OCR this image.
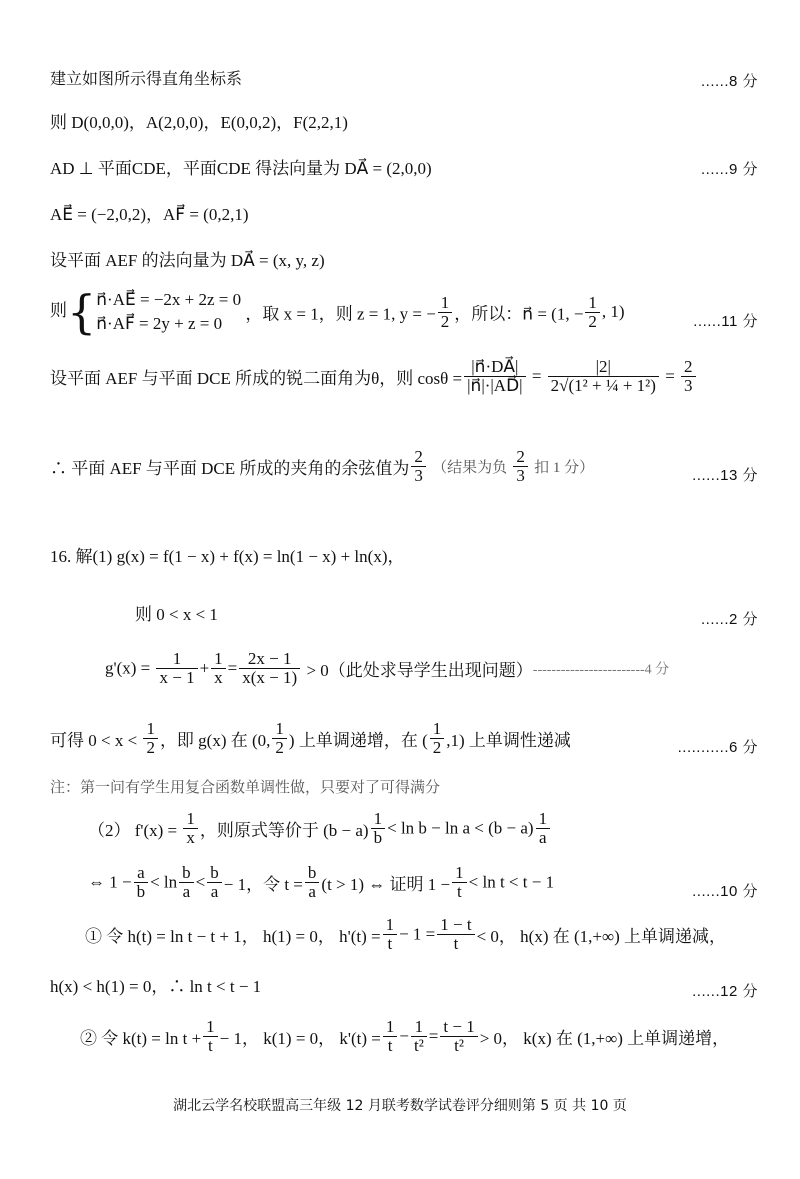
建立如图所示得直角坐标系	......8 分
则 D(0,0,0)，A(2,0,0)，E(0,0,2)，F(2,2,1)
AD ⊥ 平面CDE，平面CDE 得法向量为 DA⃗ = (2,0,0)	......9 分
AE⃗ = (−2,0,2)，AF⃗ = (0,2,1)
设平面 AEF 的法向量为 DA⃗ = (x, y, z)
则{ n⃗·AE⃗ = −2x + 2z = 0
n⃗·AF⃗ = 2y + z = 0	，取 x = 1，则 z = 1, y = − $\frac{1}{2}$ ，所以：n⃗ = (1, − $\frac{1}{2}$ , 1)
......11 分
设平面 AEF 与平面 DCE 所成的锐二面角为θ，则 $\cos\theta = \frac{|n⃗\cdot DA⃗|}{|n⃗|\cdot|AD⃗|} = \frac{|2|}{\text{2√(1² + ¼ + 1²)}} = \frac{2}{3}$
∴ 平面 AEF 与平面 DCE 所成的夹角的余弦值为 $\frac{2}{3}$ （结果为负 $\frac{2}{3}$ 扣 1 分）	......13 分
16. 解(1) g(x) = f(1 − x) + f(x) = ln(1 − x) + ln(x)，
则 0 < x < 1	......2 分
$g'(x) = \frac{1}{x - 1} + \frac{1}{x} = \frac{2x - 1}{x(x - 1)} > 0$（此处求导学生出现问题）------------------------4 分
可得 $0 < x < \frac{1}{2}$ ，即 g(x) 在 (0, $\frac{1}{2}$ ) 上单调递增，在 ( $\frac{1}{2} ,1$) 上单调性递减	...........6 分
注：第一问有学生用复合函数单调性做，只要对了可得满分
（2） $f'(x) = \frac{1}{x}$ ，则原式等价于 $(b - a) \frac{1}{b} < \ln b - \ln a < (b - a) \frac{1}{a}$
⇔ $1 - \frac{a}{b} < \ln \frac{b}{a} < \frac{b}{a} - 1$，令 $t = \frac{b}{a} (t > 1)$ ⇔ 证明 $1 - \frac{1}{t} < \ln t < t - 1$	......10 分
① 令 h(t) = ln t − t + 1， h(1) = 0， $h'(t) = \frac{1}{t} - 1 = \frac{1 - t}{t} < 0$， h(x) 在 (1,+∞) 上单调递减，
h(x) < h(1) = 0，∴ ln t < t − 1	......12 分
② 令 $k(t) = \ln t + \frac{1}{t} - 1$， k(1) = 0， $k'(t) = \frac{1}{t} - \frac{1}{\text{t²}} = \frac{t - 1}{\text{t²}} > 0$， k(x) 在 (1,+∞) 上单调递增，
湖北云学名校联盟高三年级 12 月联考数学试卷评分细则第 5 页 共 10 页
